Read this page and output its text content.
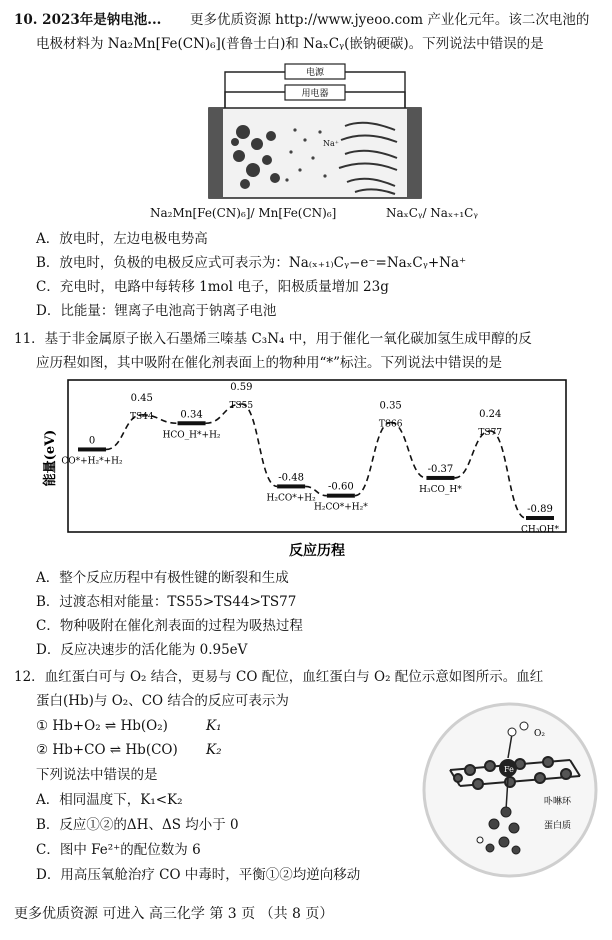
10. 2023年是钠电池... 更多优质资源 http://www.jyeoo.com 产业化元年。该二次电池的
电极材料为 Na₂Mn[Fe(CN)₆](普鲁士白)和 NaₓCᵧ(嵌钠硬碳)。下列说法中错误的是
Na⁺
电源
用电器
Na₂Mn[Fe(CN)₆]/ Mn[Fe(CN)₆]	NaₓCᵧ/ Naₓ₊₁Cᵧ
A．放电时，左边电极电势高
B．放电时，负极的电极反应式可表示为：Na₍ₓ₊₁₎Cᵧ−e⁻=NaₓCᵧ+Na⁺
C．充电时，电路中每转移 1mol 电子，阳极质量增加 23g
D．比能量：锂离子电池高于钠离子电池
11．基于非金属原子嵌入石墨烯三嗪基 C₃N₄ 中，用于催化一氧化碳加氢生成甲醇的反
应历程如图，其中吸附在催化剂表面上的物种用“*”标注。下列说法中错误的是
能量(eV)
反应历程
0
CO*+H₂*+H₂
0.45
TS44	0.34
HCO_H*+H₂
0.59
TS55
-0.48
H₂CO*+H₂
-0.60
H₂CO*+H₂*
0.35
TS66
-0.37
H₃CO_H*
0.24
TS77
-0.89
CH₃OH*
A．整个反应历程中有极性键的断裂和生成
B．过渡态相对能量：TS55>TS44>TS77
C．物种吸附在催化剂表面的过程为吸热过程
D．反应决速步的活化能为 0.95eV
12．血红蛋白可与 O₂ 结合，更易与 CO 配位，血红蛋白与 O₂ 配位示意如图所示。血红
蛋白(Hb)与 O₂、CO 结合的反应可表示为
① Hb+O₂ ⇌ Hb(O₂)	K₁
② Hb+CO ⇌ Hb(CO) K₂
下列说法中错误的是
A．相同温度下，K₁<K₂
B．反应①②的ΔH、ΔS 均小于 0
C．图中 Fe²⁺的配位数为 6
D．用高压氧舱治疗 CO 中毒时，平衡①②均逆向移动
Fe
O₂
卟啉环
蛋白质
更多优质资源 可进入 高三化学 第 3 页 （共 8 页）
